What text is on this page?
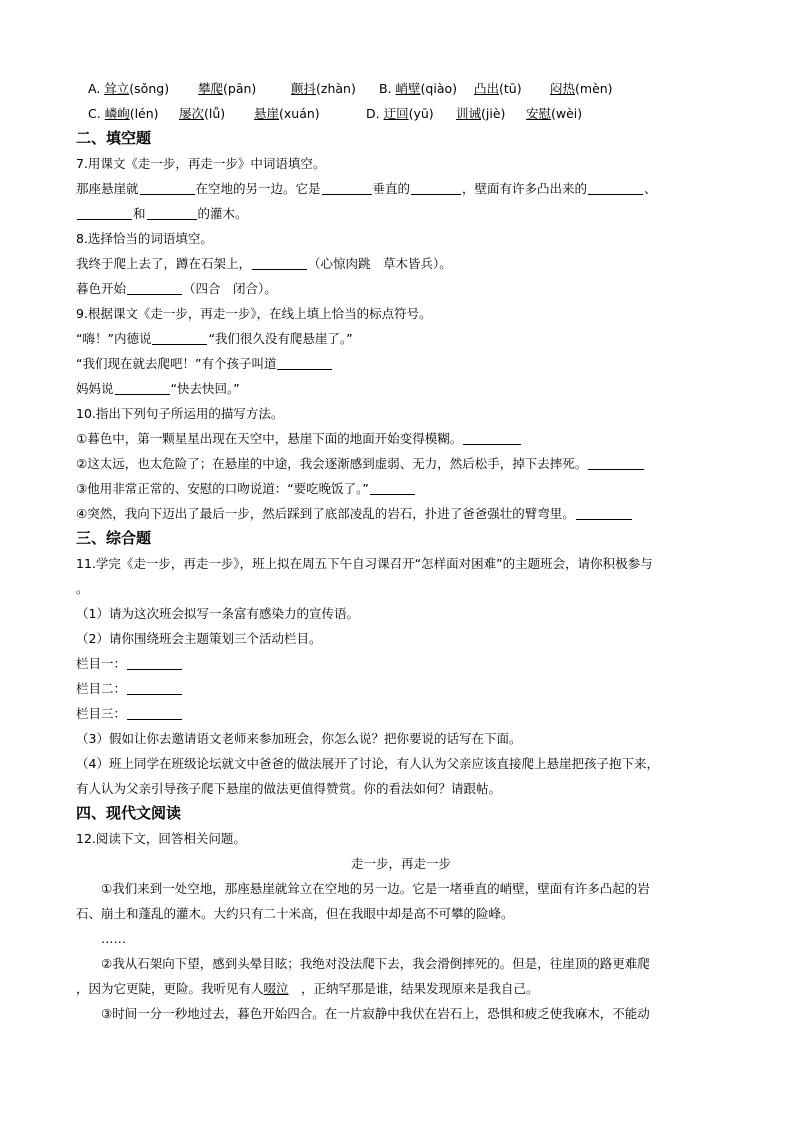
A. 耸立(sǒng) 攀爬(pān)	颤抖(zhàn) B. 峭壁(qiào) 凸出(tū) 闷热(mèn)
C. 嶙峋(lén) 屡次(lǚ) 悬崖(xuán)	D. 迂回(yū) 训诫(jiè) 安慰(wèi)
二、填空题
7.用课文《走一步，再走一步》中词语填空。
那座悬崖就	在空地的另一边。它是	垂直的	，壁面有许多凸出来的	、
和	的灌木。
8.选择恰当的词语填空。
我终于爬上去了，蹲在石架上，	（心惊肉跳　草木皆兵）。
暮色开始	（四合　闭合）。
9.根据课文《走一步，再走一步》，在线上填上恰当的标点符号。
“嗨！”内德说	“我们很久没有爬悬崖了。”
“我们现在就去爬吧！”有个孩子叫道
妈妈说	“快去快回。”
10.指出下列句子所运用的描写方法。
①暮色中，第一颗星星出现在天空中，悬崖下面的地面开始变得模糊。
②这太远，也太危险了；在悬崖的中途，我会逐渐感到虚弱、无力，然后松手，掉下去摔死。
③他用非常正常的、安慰的口吻说道：“要吃晚饭了。”
④突然，我向下迈出了最后一步，然后踩到了底部凌乱的岩石，扑进了爸爸强壮的臂弯里。
三、综合题
11.学完《走一步，再走一步》，班上拟在周五下午自习课召开“怎样面对困难”的主题班会，请你积极参与
。
（1）请为这次班会拟写一条富有感染力的宣传语。
（2）请你围绕班会主题策划三个活动栏目。
栏目一：
栏目二：
栏目三：
（3）假如让你去邀请语文老师来参加班会，你怎么说？把你要说的话写在下面。
（4）班上同学在班级论坛就文中爸爸的做法展开了讨论，有人认为父亲应该直接爬上悬崖把孩子抱下来，
有人认为父亲引导孩子爬下悬崖的做法更值得赞赏。你的看法如何？请跟帖。
四、现代文阅读
12.阅读下文，回答相关问题。
走一步，再走一步
①我们来到一处空地，那座悬崖就耸立在空地的另一边。它是一堵垂直的峭壁，壁面有许多凸起的岩
石、崩土和蓬乱的灌木。大约只有二十米高，但在我眼中却是高不可攀的险峰。
……
②我从石架向下望，感到头晕目眩；我绝对没法爬下去，我会滑倒摔死的。但是，往崖顶的路更难爬
，因为它更陡，更险。我听见有人啜泣　，正纳罕那是谁，结果发现原来是我自己。
③时间一分一秒地过去，暮色开始四合。在一片寂静中我伏在岩石上，恐惧和疲乏使我麻木，不能动
